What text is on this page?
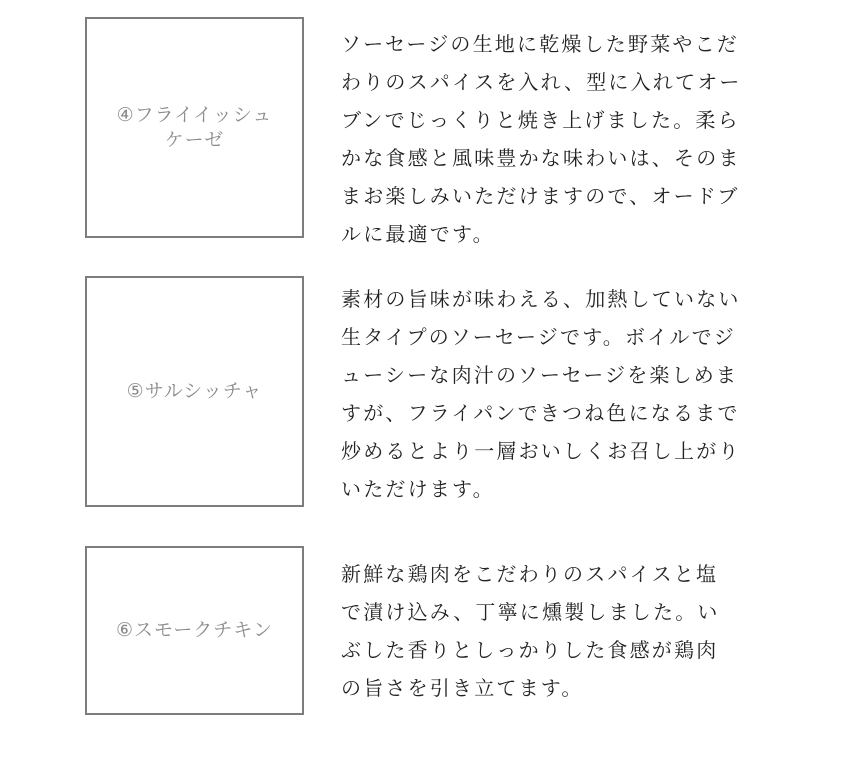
④フライイッシュ
ケーゼ

ソーセージの生地に乾燥した野菜やこだ
わりのスパイスを入れ、型に入れてオー
ブンでじっくりと焼き上げました。柔ら
かな食感と風味豊かな味わいは、そのま
まお楽しみいただけますので、オードブ
ルに最適です。

⑤サルシッチャ

素材の旨味が味わえる、加熱していない
生タイプのソーセージです。ボイルでジ
ューシーな肉汁のソーセージを楽しめま
すが、フライパンできつね色になるまで
炒めるとより一層おいしくお召し上がり
いただけます。

⑥スモークチキン

新鮮な鶏肉をこだわりのスパイスと塩
で漬け込み、丁寧に燻製しました。い
ぶした香りとしっかりした食感が鶏肉
の旨さを引き立てます。
